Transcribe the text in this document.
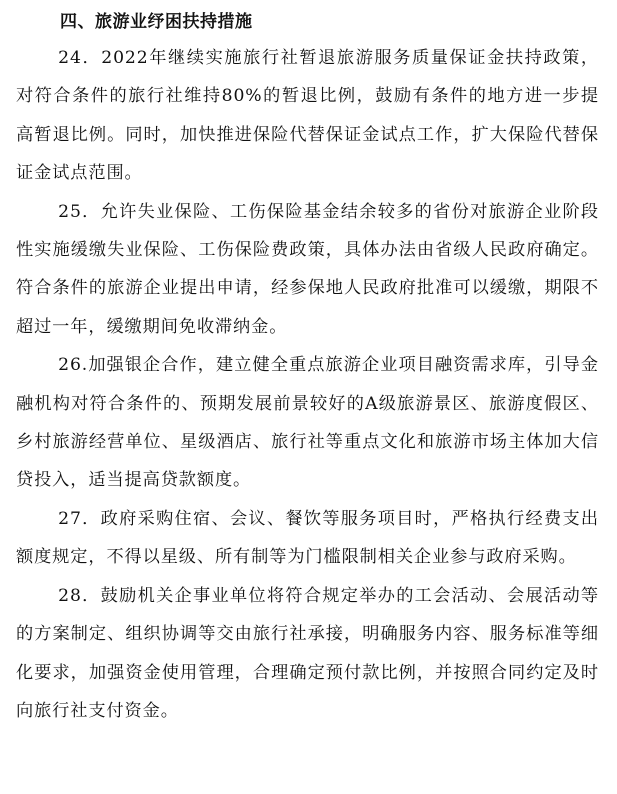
四、旅游业纾困扶持措施

24．2022年继续实施旅行社暂退旅游服务质量保证金扶持政策，对符合条件的旅行社维持80%的暂退比例，鼓励有条件的地方进一步提高暂退比例。同时，加快推进保险代替保证金试点工作，扩大保险代替保证金试点范围。

25．允许失业保险、工伤保险基金结余较多的省份对旅游企业阶段性实施缓缴失业保险、工伤保险费政策，具体办法由省级人民政府确定。符合条件的旅游企业提出申请，经参保地人民政府批准可以缓缴，期限不超过一年，缓缴期间免收滞纳金。

26.加强银企合作，建立健全重点旅游企业项目融资需求库，引导金融机构对符合条件的、预期发展前景较好的A级旅游景区、旅游度假区、乡村旅游经营单位、星级酒店、旅行社等重点文化和旅游市场主体加大信贷投入，适当提高贷款额度。

27．政府采购住宿、会议、餐饮等服务项目时，严格执行经费支出额度规定，不得以星级、所有制等为门槛限制相关企业参与政府采购。

28．鼓励机关企事业单位将符合规定举办的工会活动、会展活动等的方案制定、组织协调等交由旅行社承接，明确服务内容、服务标准等细化要求，加强资金使用管理，合理确定预付款比例，并按照合同约定及时向旅行社支付资金。
